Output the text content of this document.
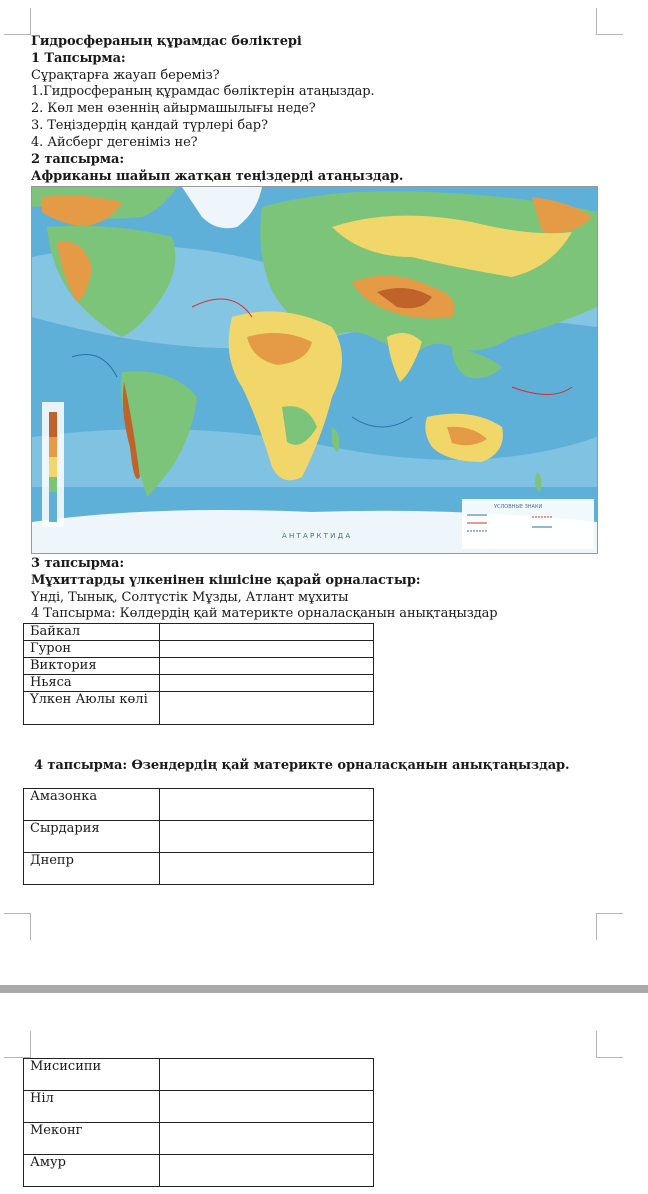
Гидросфераның құрамдас бөліктері
1 Тапсырма:
Сұрақтарға жауап береміз?
1.Гидросфераның құрамдас бөліктерін атаңыздар.
2. Көл мен өзеннің айырмашылығы неде?
3. Теңіздердің қандай түрлері бар?
4. Айсберг дегеніміз не?
2 тапсырма:
Африканы шайып жатқан теңіздерді атаңыздар.
А Н Т А Р К Т И Д А
УСЛОВНЫЕ ЗНАКИ
3 тапсырма:
Мұхиттарды үлкенінен кішісіне қарай орналастыр:
Үнді, Тынық, Солтүстік Мұзды, Атлант мұхиты
4 Тапсырма: Көлдердің қай материкте орналасқанын анықтаңыздар
Байкал	
Гурон	
Виктория	
Ньяса	
Үлкен Аюлы көлі	
4 тапсырма: Өзендердің қай материкте орналасқанын анықтаңыздар.
Амазонка	
Сырдария	
Днепр	
Мисисипи	
Ніл	
Меконг	
Амур	
